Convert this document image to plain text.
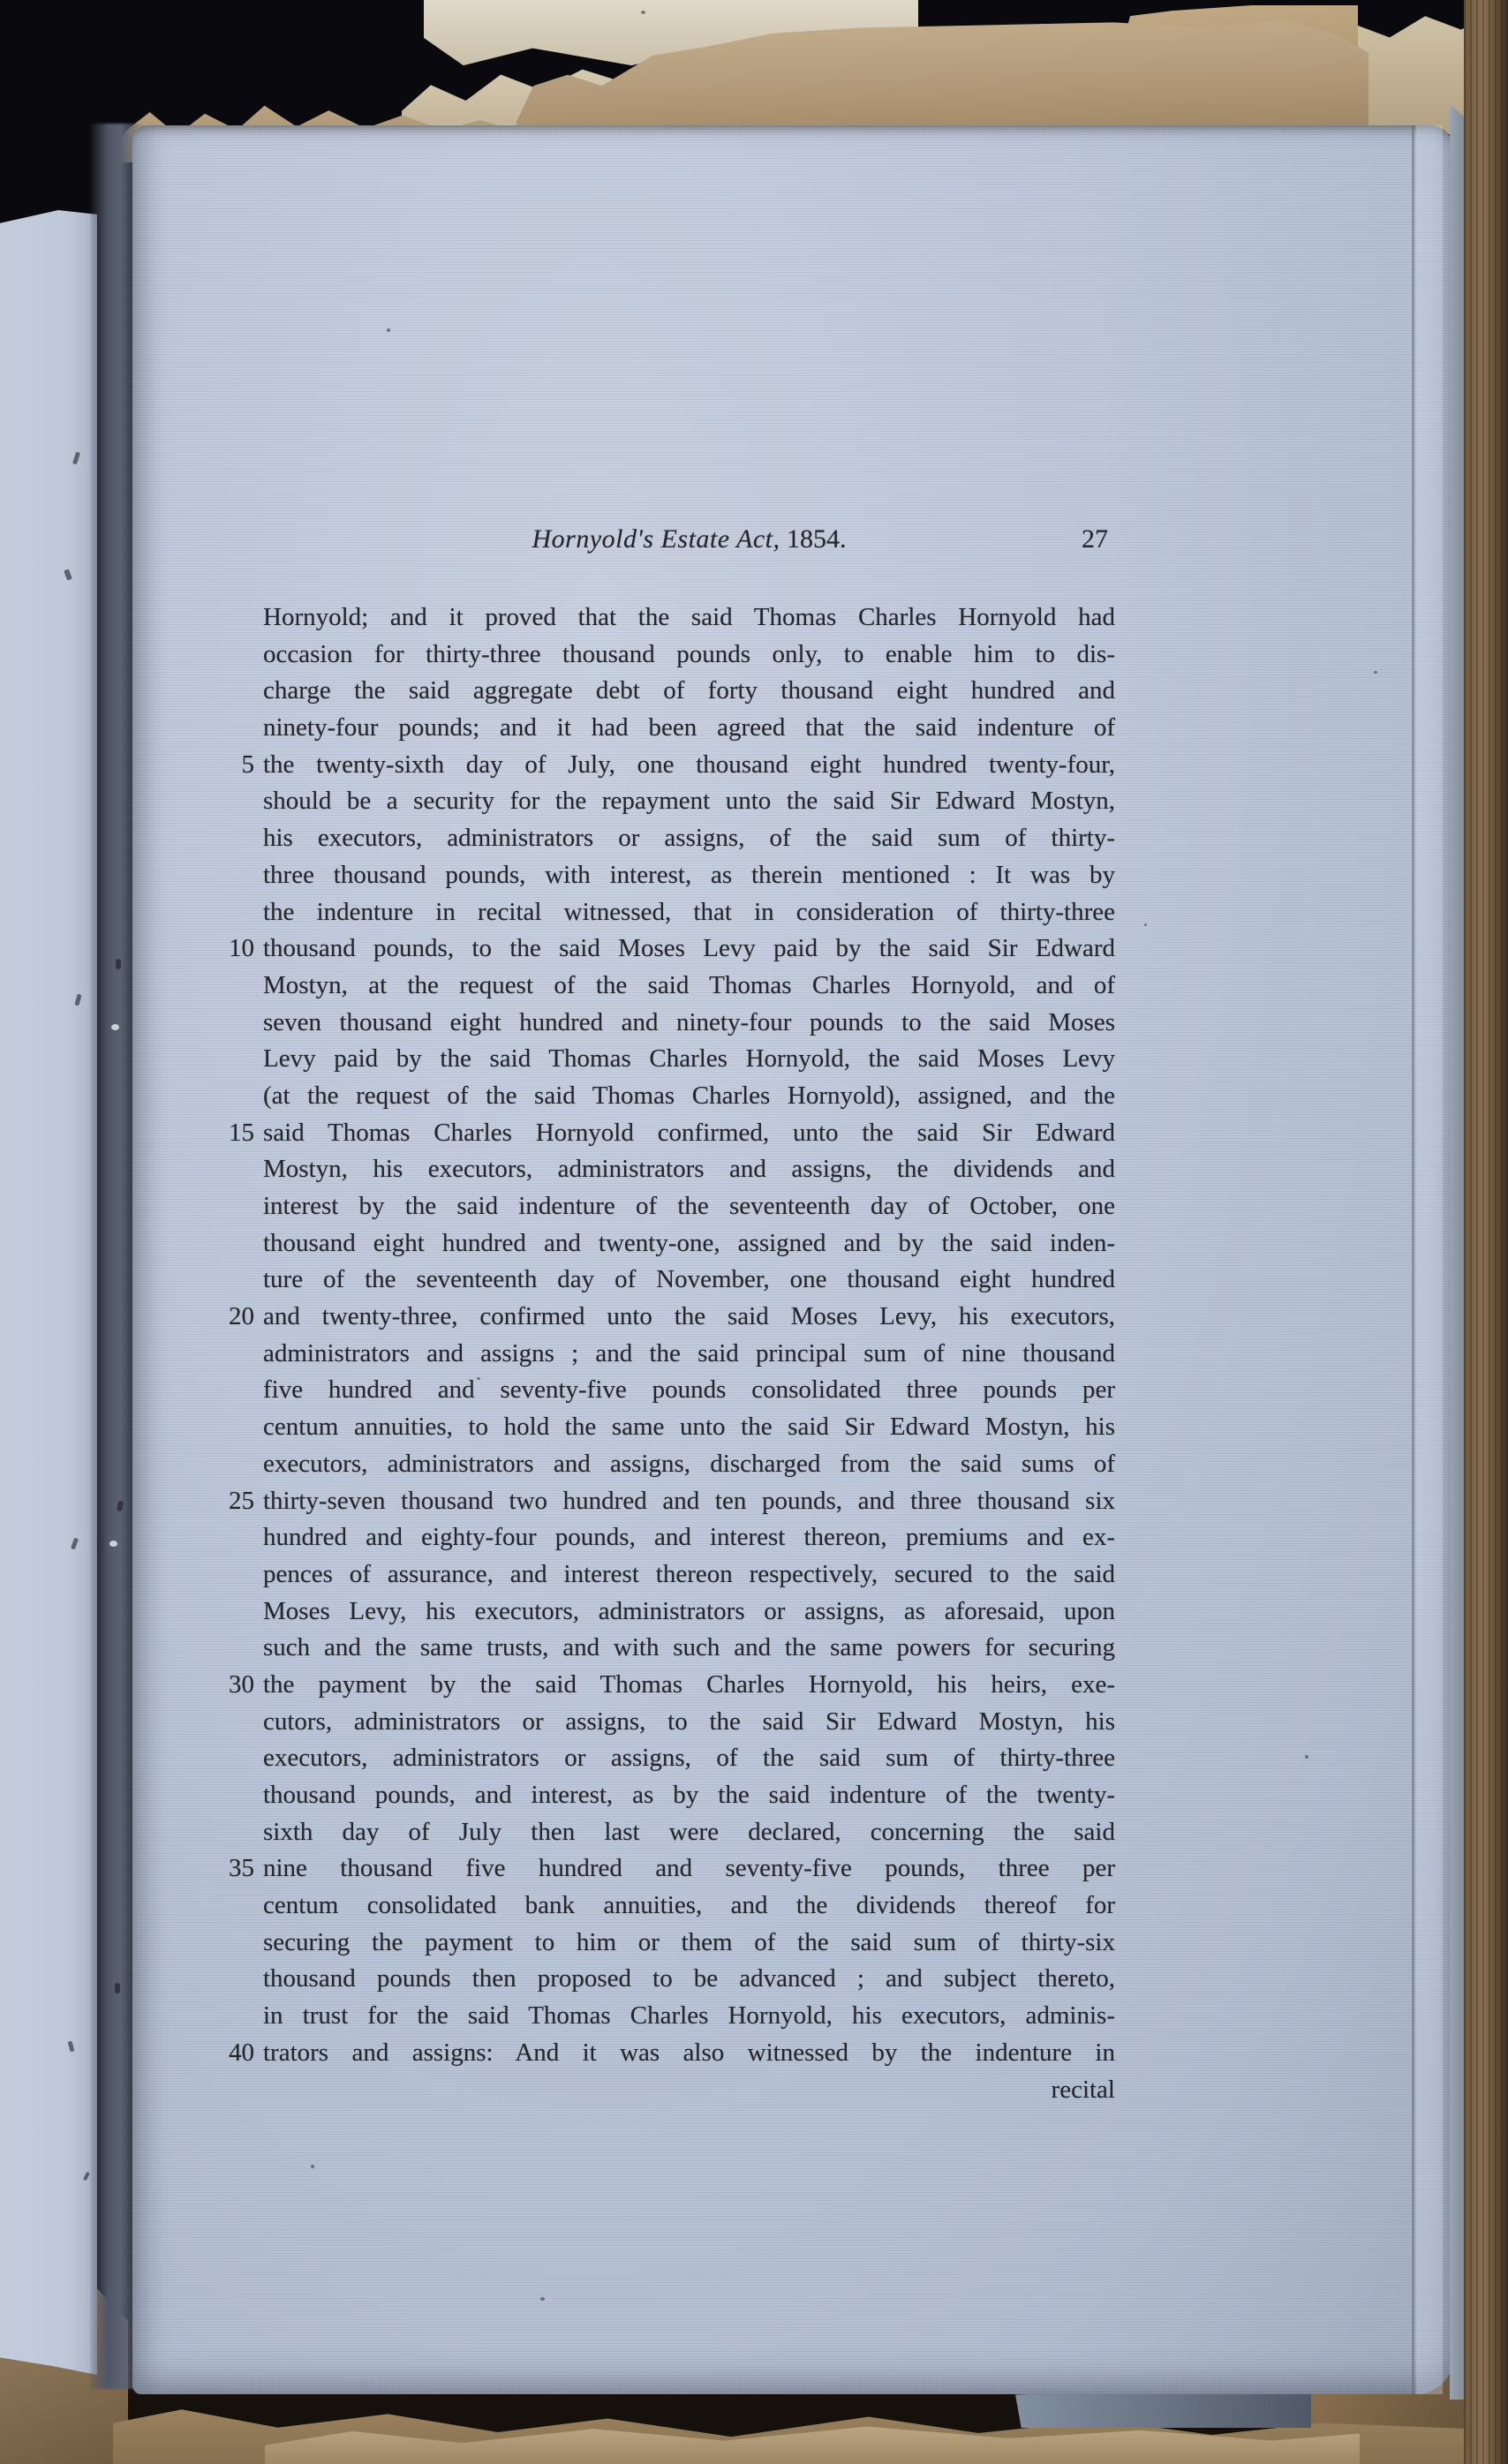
Hornyold's Estate Act, 1854.	27
Hornyold; and it proved that the said Thomas Charles Hornyold had
occasion for thirty-three thousand pounds only, to enable him to dis-
charge the said aggregate debt of forty thousand eight hundred and
ninety-four pounds; and it had been agreed that the said indenture of
5 the twenty-sixth day of July, one thousand eight hundred twenty-four,
should be a security for the repayment unto the said Sir Edward Mostyn,
his executors, administrators or assigns, of the said sum of thirty-
three thousand pounds, with interest, as therein mentioned : It was by
the indenture in recital witnessed, that in consideration of thirty-three
10 thousand pounds, to the said Moses Levy paid by the said Sir Edward
Mostyn, at the request of the said Thomas Charles Hornyold, and of
seven thousand eight hundred and ninety-four pounds to the said Moses
Levy paid by the said Thomas Charles Hornyold, the said Moses Levy
(at the request of the said Thomas Charles Hornyold), assigned, and the
15 said Thomas Charles Hornyold confirmed, unto the said Sir Edward
Mostyn, his executors, administrators and assigns, the dividends and
interest by the said indenture of the seventeenth day of October, one
thousand eight hundred and twenty-one, assigned and by the said inden-
ture of the seventeenth day of November, one thousand eight hundred
20 and twenty-three, confirmed unto the said Moses Levy, his executors,
administrators and assigns ; and the said principal sum of nine thousand
five hundred and seventy-five pounds consolidated three pounds per
centum annuities, to hold the same unto the said Sir Edward Mostyn, his
executors, administrators and assigns, discharged from the said sums of
25 thirty-seven thousand two hundred and ten pounds, and three thousand six
hundred and eighty-four pounds, and interest thereon, premiums and ex-
pences of assurance, and interest thereon respectively, secured to the said
Moses Levy, his executors, administrators or assigns, as aforesaid, upon
such and the same trusts, and with such and the same powers for securing
30 the payment by the said Thomas Charles Hornyold, his heirs, exe-
cutors, administrators or assigns, to the said Sir Edward Mostyn, his
executors, administrators or assigns, of the said sum of thirty-three
thousand pounds, and interest, as by the said indenture of the twenty-
sixth day of July then last were declared, concerning the said
35 nine thousand five hundred and seventy-five pounds, three per
centum consolidated bank annuities, and the dividends thereof for
securing the payment to him or them of the said sum of thirty-six
thousand pounds then proposed to be advanced ; and subject thereto,
in trust for the said Thomas Charles Hornyold, his executors, adminis-
40 trators and assigns: And it was also witnessed by the indenture in
recital
